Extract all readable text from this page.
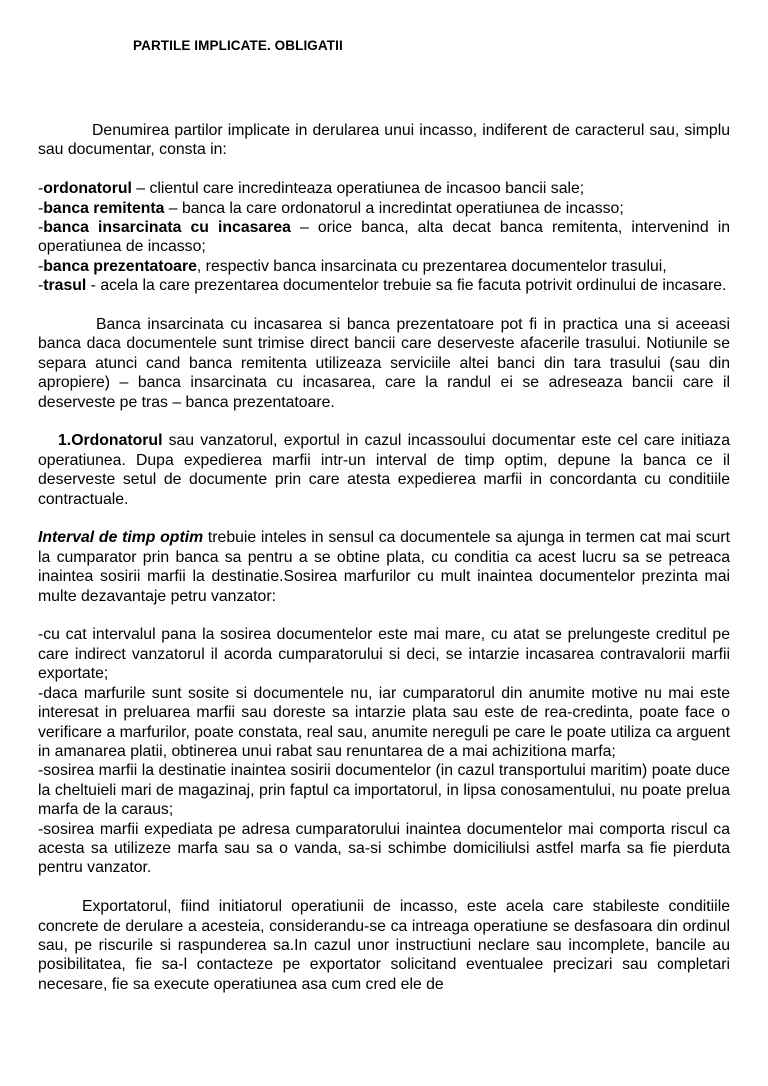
PARTILE IMPLICATE. OBLIGATII

Denumirea partilor implicate in derularea unui incasso, indiferent de caracterul sau, simplu sau documentar, consta in:

-ordonatorul – clientul care incredinteaza operatiunea de incasoo bancii sale;

-banca remitenta – banca la care ordonatorul a incredintat operatiunea de incasso;

-banca insarcinata cu incasarea – orice banca, alta decat banca remitenta, intervenind in operatiunea de incasso;

-banca prezentatoare, respectiv banca insarcinata cu prezentarea documentelor trasului,

-trasul - acela la care prezentarea documentelor trebuie sa fie facuta potrivit ordinului de incasare.

Banca insarcinata cu incasarea si banca prezentatoare pot fi in practica una si aceeasi banca daca documentele sunt trimise direct bancii care deserveste afacerile trasului. Notiunile se separa atunci cand banca remitenta utilizeaza serviciile altei banci din tara trasului (sau din apropiere) – banca insarcinata cu incasarea, care la randul ei se adreseaza bancii care il deserveste pe tras – banca prezentatoare.

1.Ordonatorul sau vanzatorul, exportul in cazul incassoului documentar este cel care initiaza operatiunea. Dupa expedierea marfii intr-un interval de timp optim, depune la banca ce il deserveste setul de documente prin care atesta expedierea marfii in concordanta cu conditiile contractuale.

Interval de timp optim trebuie inteles in sensul ca documentele sa ajunga in termen cat mai scurt la cumparator prin banca sa pentru a se obtine plata, cu conditia ca acest lucru sa se petreaca inaintea sosirii marfii la destinatie.Sosirea marfurilor cu mult inaintea documentelor prezinta mai multe dezavantaje petru vanzator:

-cu cat intervalul pana la sosirea documentelor este mai mare, cu atat se prelungeste creditul pe care indirect vanzatorul il acorda cumparatorului si deci, se intarzie incasarea contravalorii marfii exportate;

-daca marfurile sunt sosite si documentele nu, iar cumparatorul din anumite motive nu mai este interesat in preluarea marfii sau doreste sa intarzie plata sau este de rea-credinta, poate face o verificare a marfurilor, poate constata, real sau, anumite nereguli pe care le poate utiliza ca arguent in amanarea platii, obtinerea unui rabat sau renuntarea de a mai achizitiona marfa;

-sosirea marfii la destinatie inaintea sosirii documentelor (in cazul transportului maritim) poate duce la cheltuieli mari de magazinaj, prin faptul ca importatorul, in lipsa conosamentului, nu poate prelua marfa de la caraus;

-sosirea marfii expediata pe adresa cumparatorului inaintea documentelor mai comporta riscul ca acesta sa utilizeze marfa sau sa o vanda, sa-si schimbe domiciliulsi astfel marfa sa fie pierduta pentru vanzator.

Exportatorul, fiind initiatorul operatiunii de incasso, este acela care stabileste conditiile concrete de derulare a acesteia, considerandu-se ca intreaga operatiune se desfasoara din ordinul sau, pe riscurile si raspunderea sa.In cazul unor instructiuni neclare sau incomplete, bancile au posibilitatea, fie sa-l contacteze pe exportator solicitand eventualee precizari sau completari necesare, fie sa execute operatiunea asa cum cred ele de
